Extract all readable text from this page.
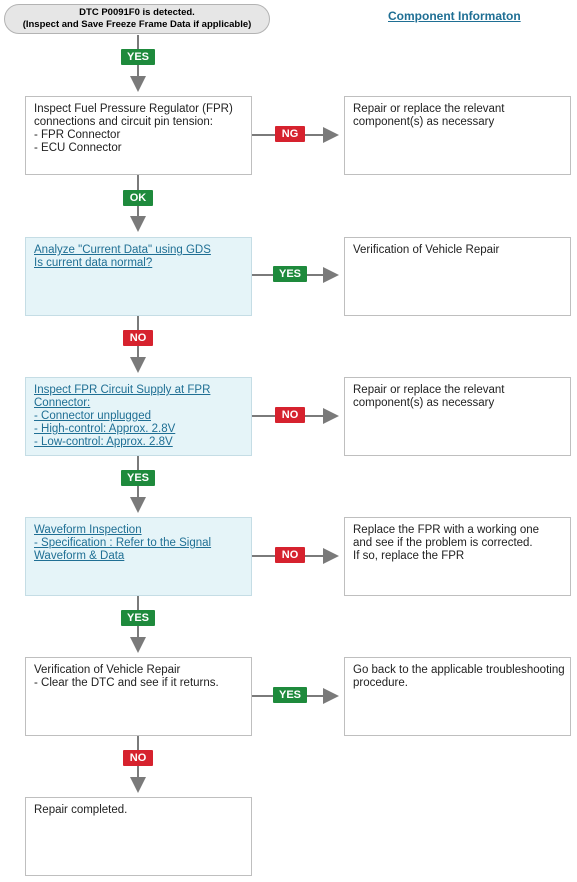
DTC P0091F0 is detected.
(Inspect and Save Freeze Frame Data if applicable)
Component Informaton
YES
Inspect Fuel Pressure Regulator (FPR)
connections and circuit pin tension:
- FPR Connector
- ECU Connector
NG
Repair or replace the relevant component(s) as necessary
OK
Analyze "Current Data" using GDS
Is current data normal?
YES
Verification of Vehicle Repair
NO
Inspect FPR Circuit Supply at FPR
Connector:
- Connector unplugged
- High-control: Approx. 2.8V
- Low-control: Approx. 2.8V
NO
Repair or replace the relevant component(s) as necessary
YES
Waveform Inspection
- Specification : Refer to the Signal
Waveform & Data	NO
Replace the FPR with a working one
and see if the problem is corrected.
If so, replace the FPR
YES
Verification of Vehicle Repair
- Clear the DTC and see if it returns.
YES
Go back to the applicable troubleshooting
procedure.
NO
Repair completed.
